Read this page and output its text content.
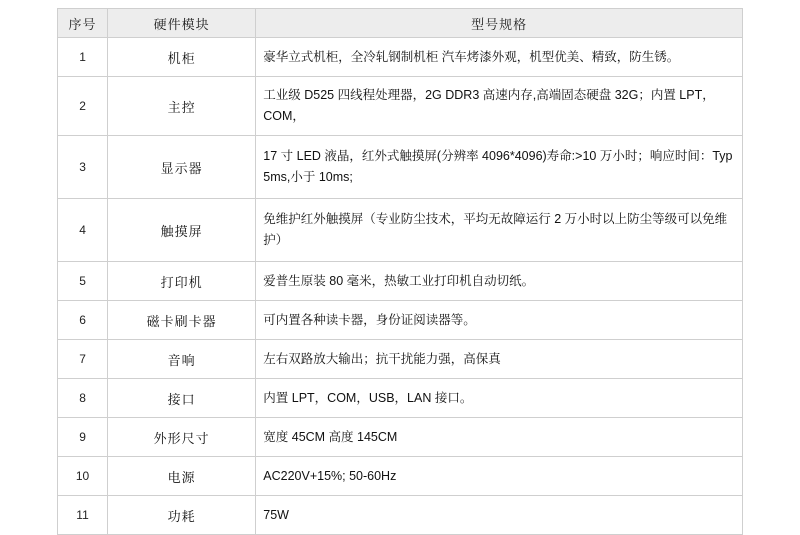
序号	硬件模块	型号规格
1	机柜	豪华立式机柜，全冷轧钢制机柜 汽车烤漆外观，机型优美、精致，防生锈。
2	主控	工业级 D525 四线程处理器，2G DDR3 高速内存,高端固态硬盘 32G；内置 LPT，COM，
3	显示器	17 寸 LED 液晶，红外式触摸屏(分辨率 4096*4096)寿命:>10 万小时；响应时间：Typ 5ms,小于 10ms;
4	触摸屏	免维护红外触摸屏（专业防尘技术，平均无故障运行 2 万小时以上防尘等级可以免维护）
5	打印机	爱普生原装 80 毫米，热敏工业打印机自动切纸。
6	磁卡刷卡器	可内置各种读卡器，身份证阅读器等。
7	音响	左右双路放大输出；抗干扰能力强，高保真
8	接口	内置 LPT，COM，USB，LAN 接口。
9	外形尺寸	宽度 45CM 高度 145CM
10	电源	AC220V+15%; 50-60Hz
11	功耗	75W
